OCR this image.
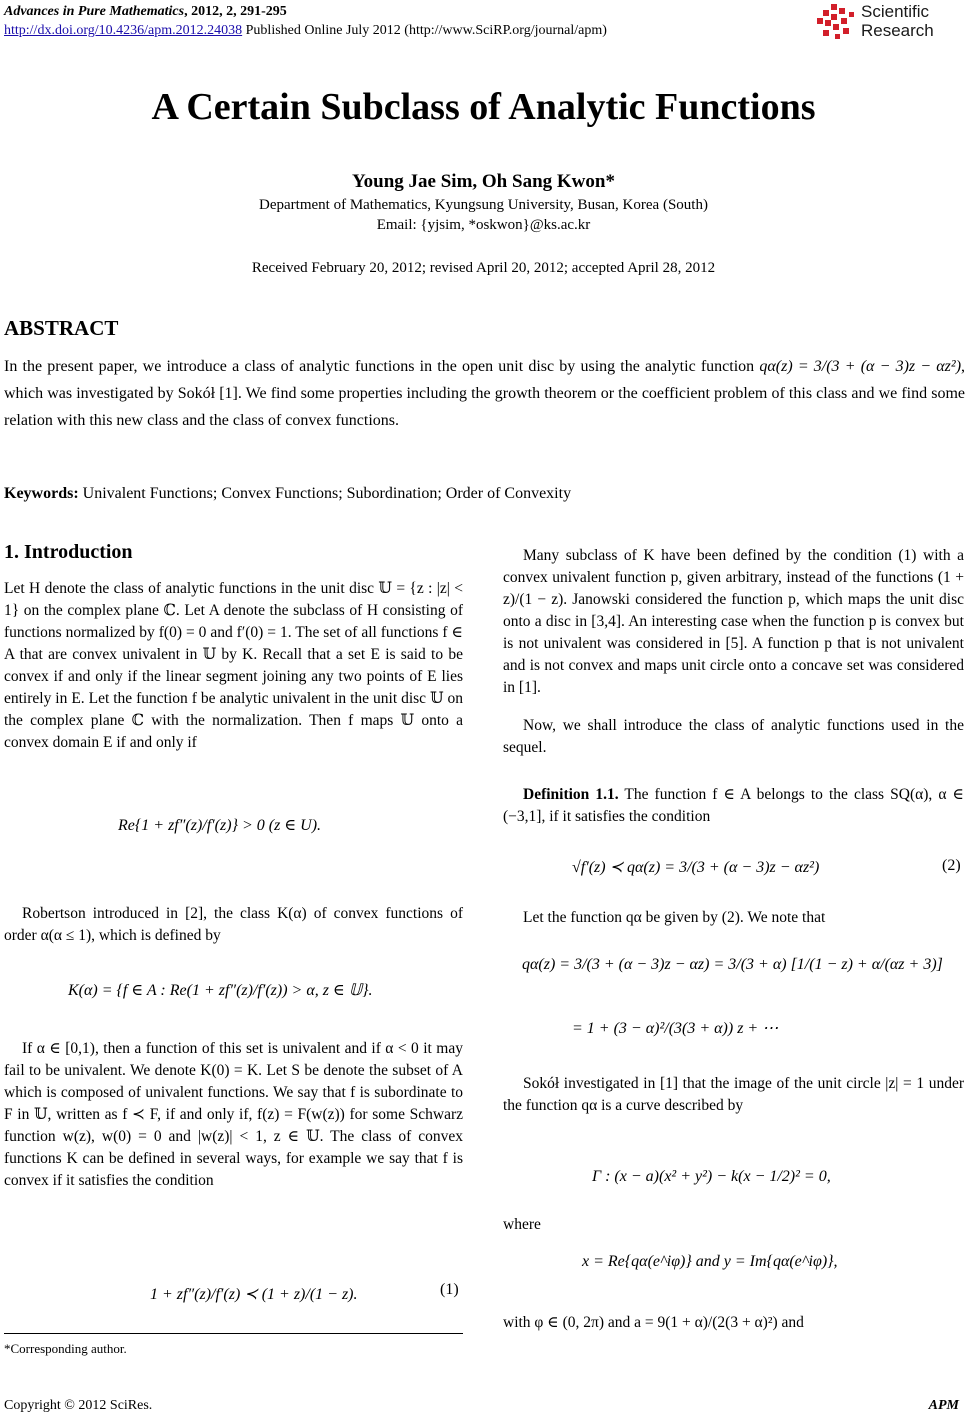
Advances in Pure Mathematics, 2012, 2, 291-295
http://dx.doi.org/10.4236/apm.2012.24038 Published Online July 2012 (http://www.SciRP.org/journal/apm)
Scientific
Research
A Certain Subclass of Analytic Functions
Young Jae Sim, Oh Sang Kwon*
Department of Mathematics, Kyungsung University, Busan, Korea (South)
Email: {yjsim, *oskwon}@ks.ac.kr
Received February 20, 2012; revised April 20, 2012; accepted April 28, 2012
ABSTRACT
In the present paper, we introduce a class of analytic functions in the open unit disc by using the analytic function qα(z) = 3/(3 + (α − 3)z − αz²), which was investigated by Sokół [1]. We find some properties including the growth theorem or the coefficient problem of this class and we find some relation with this new class and the class of convex functions.
Keywords: Univalent Functions; Convex Functions; Subordination; Order of Convexity
1. Introduction
Let H denote the class of analytic functions in the unit disc 𝕌 = {z : |z| < 1} on the complex plane ℂ. Let A denote the subclass of H consisting of functions normalized by f(0) = 0 and f′(0) = 1. The set of all functions f ∈ A that are convex univalent in 𝕌 by K. Recall that a set E is said to be convex if and only if the linear segment joining any two points of E lies entirely in E. Let the function f be analytic univalent in the unit disc 𝕌 on the complex plane ℂ with the normalization. Then f maps 𝕌 onto a convex domain E if and only if
Re{1 + zf″(z)/f′(z)} > 0 (z ∈ U).
Robertson introduced in [2], the class K(α) of convex functions of order α(α ≤ 1), which is defined by
K(α) = {f ∈ A : Re(1 + zf″(z)/f′(z)) > α, z ∈ 𝕌}.
If α ∈ [0,1), then a function of this set is univalent and if α < 0 it may fail to be univalent. We denote K(0) = K. Let S be denote the subset of A which is composed of univalent functions. We say that f is subordinate to F in 𝕌, written as f ≺ F, if and only if, f(z) = F(w(z)) for some Schwarz function w(z), w(0) = 0 and |w(z)| < 1, z ∈ 𝕌. The class of convex functions K can be defined in several ways, for example we say that f is convex if it satisfies the condition
1 + zf″(z)/f′(z) ≺ (1 + z)/(1 − z).	(1)
*Corresponding author.
Many subclass of K have been defined by the condition (1) with a convex univalent function p, given arbitrary, instead of the functions (1 + z)/(1 − z). Janowski considered the function p, which maps the unit disc onto a disc in [3,4]. An interesting case when the function p is convex but is not univalent was considered in [5]. A function p that is not univalent and is not convex and maps unit circle onto a concave set was considered in [1].
Now, we shall introduce the class of analytic functions used in the sequel.
Definition 1.1. The function f ∈ A belongs to the class SQ(α), α ∈ (−3,1], if it satisfies the condition
√f′(z) ≺ qα(z) = 3/(3 + (α − 3)z − αz²)	(2)
Let the function qα be given by (2). We note that
qα(z) = 3/(3 + (α − 3)z − αz) = 3/(3 + α) [1/(1 − z) + α/(αz + 3)]
= 1 + (3 − α)²/(3(3 + α)) z + ⋯
Sokół investigated in [1] that the image of the unit circle |z| = 1 under the function qα is a curve described by
Γ : (x − a)(x² + y²) − k(x − 1/2)² = 0,
where
x = Re{qα(e^iφ)} and y = Im{qα(e^iφ)},
with φ ∈ (0, 2π) and a = 9(1 + α)/(2(3 + α)²) and
Copyright © 2012 SciRes.	APM
